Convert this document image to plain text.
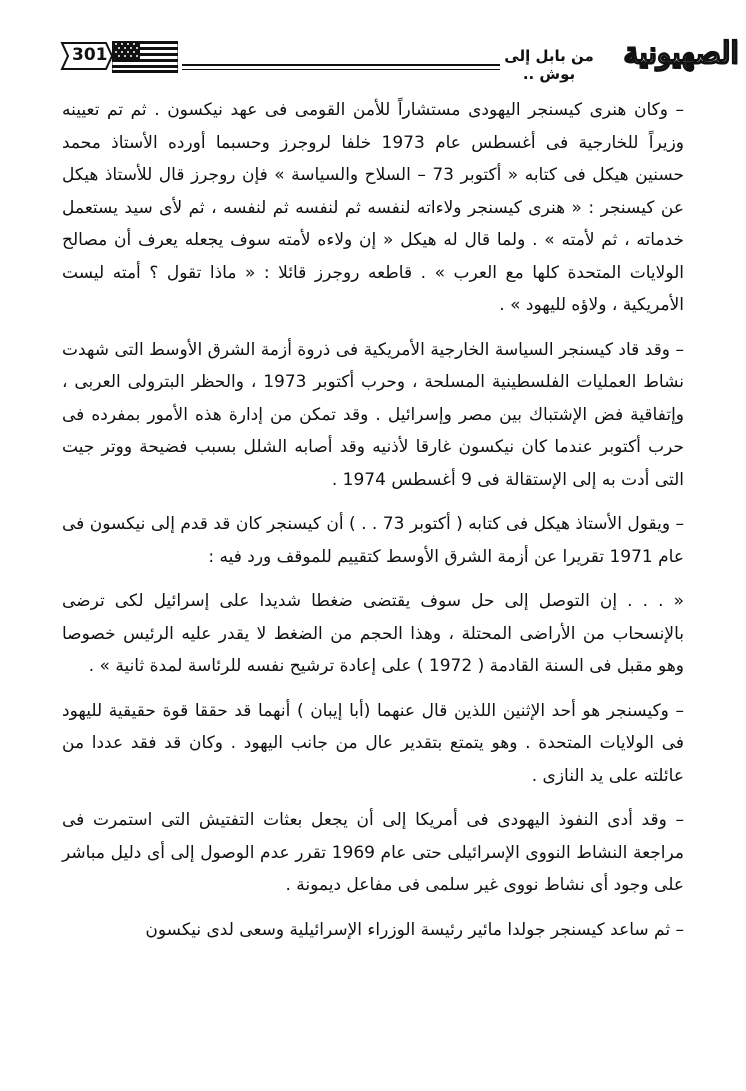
301	من بابل إلى بوش ..
الصهيونية

– وكان هنرى كيسنجر اليهودى مستشاراً للأمن القومى فى عهد نيكسون . ثم تم تعيينه وزيراً للخارجية فى أغسطس عام 1973 خلفا لروجرز وحسبما أورده الأستاذ محمد حسنين هيكل فى كتابه « أكتوبر 73 – السلاح والسياسة » فإن روجرز قال للأستاذ هيكل عن كيسنجر : « هنرى كيسنجر ولاءاته لنفسه ثم لنفسه ثم لنفسه ، ثم لأى سيد يستعمل خدماته ، ثم لأمته » . ولما قال له هيكل « إن ولاءه لأمته سوف يجعله يعرف أن مصالح الولايات المتحدة كلها مع العرب » . قاطعه روجرز قائلا : « ماذا تقول ؟ أمته ليست الأمريكية ، ولاؤه لليهود » .

– وقد قاد كيسنجر السياسة الخارجية الأمريكية فى ذروة أزمة الشرق الأوسط التى شهدت نشاط العمليات الفلسطينية المسلحة ، وحرب أكتوبر 1973 ، والحظر البترولى العربى ، وإتفاقية فض الإشتباك بين مصر وإسرائيل . وقد تمكن من إدارة هذه الأمور بمفرده فى حرب أكتوبر عندما كان نيكسون غارقا لأذنيه وقد أصابه الشلل بسبب فضيحة ووتر جيت التى أدت به إلى الإستقالة فى 9 أغسطس 1974 .

– ويقول الأستاذ هيكل فى كتابه ( أكتوبر 73 . . ) أن كيسنجر كان قد قدم إلى نيكسون فى عام 1971 تقريرا عن أزمة الشرق الأوسط كتقييم للموقف ورد فيه :

« . . . إن التوصل إلى حل سوف يقتضى ضغطا شديدا على إسرائيل لكى ترضى بالإنسحاب من الأراضى المحتلة ، وهذا الحجم من الضغط لا يقدر عليه الرئيس خصوصا وهو مقبل فى السنة القادمة ( 1972 ) على إعادة ترشيح نفسه للرئاسة لمدة ثانية » .

– وكيسنجر هو أحد الإثنين اللذين قال عنهما (أبا إيبان ) أنهما قد حققا قوة حقيقية لليهود فى الولايات المتحدة . وهو يتمتع بتقدير عال من جانب اليهود . وكان قد فقد عددا من عائلته على يد النازى .

– وقد أدى النفوذ اليهودى فى أمريكا إلى أن يجعل بعثات التفتيش التى استمرت فى مراجعة النشاط النووى الإسرائيلى حتى عام 1969 تقرر عدم الوصول إلى أى دليل مباشر على وجود أى نشاط نووى غير سلمى فى مفاعل ديمونة .

– ثم ساعد كيسنجر جولدا مائير رئيسة الوزراء الإسرائيلية وسعى لدى نيكسون
